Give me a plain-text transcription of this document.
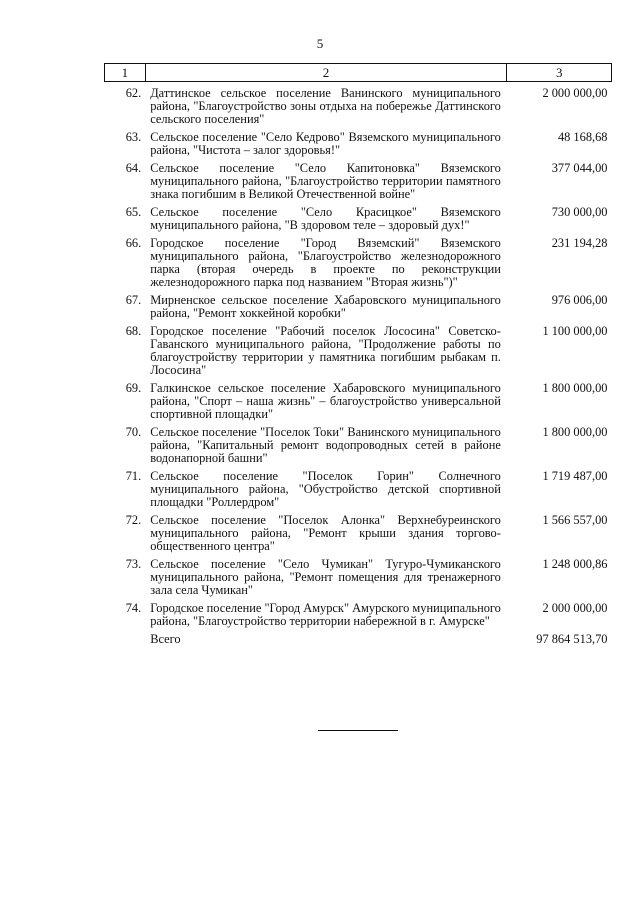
5
1	2	3
62.	Даттинское сельское поселение Ванинского муниципального района, "Благоустройство зоны отдыха на побережье Даттинского сельского поселения"	2 000 000,00
63.	Сельское поселение "Село Кедрово" Вяземского муниципального района, "Чистота – залог здоровья!"	48 168,68
64.	Сельское поселение "Село Капитоновка" Вяземского муниципального района, "Благоустройство территории памятного знака погибшим в Великой Отечественной войне"	377 044,00
65.	Сельское поселение "Село Красицкое" Вяземского муниципального района, "В здоровом теле – здоровый дух!"	730 000,00
66.	Городское поселение "Город Вяземский" Вяземского муниципального района, "Благоустройство железнодорожного парка (вторая очередь в проекте по реконструкции железнодорожного парка под названием "Вторая жизнь")"	231 194,28
67.	Мирненское сельское поселение Хабаровского муниципального района, "Ремонт хоккейной коробки"	976 006,00
68.	Городское поселение "Рабочий поселок Лососина" Советско-Гаванского муниципального района, "Продолжение работы по благоустройству территории у памятника погибшим рыбакам п. Лососина"	1 100 000,00
69.	Галкинское сельское поселение Хабаровского муниципального района, "Спорт – наша жизнь" – благоустройство универсальной спортивной площадки"	1 800 000,00
70.	Сельское поселение "Поселок Токи" Ванинского муниципального района, "Капитальный ремонт водопроводных сетей в районе водонапорной башни"	1 800 000,00
71.	Сельское поселение "Поселок Горин" Солнечного муниципального района, "Обустройство детской спортивной площадки "Роллердром"	1 719 487,00
72.	Сельское поселение "Поселок Алонка" Верхнебуреинского муниципального района, "Ремонт крыши здания торгово-общественного центра"	1 566 557,00
73.	Сельское поселение "Село Чумикан" Тугуро-Чумиканского муниципального района, "Ремонт помещения для тренажерного зала села Чумикан"	1 248 000,86
74.	Городское поселение "Город Амурск" Амурского муниципального района, "Благоустройство территории набережной в г. Амурске"	2 000 000,00
	Всего	97 864 513,70
